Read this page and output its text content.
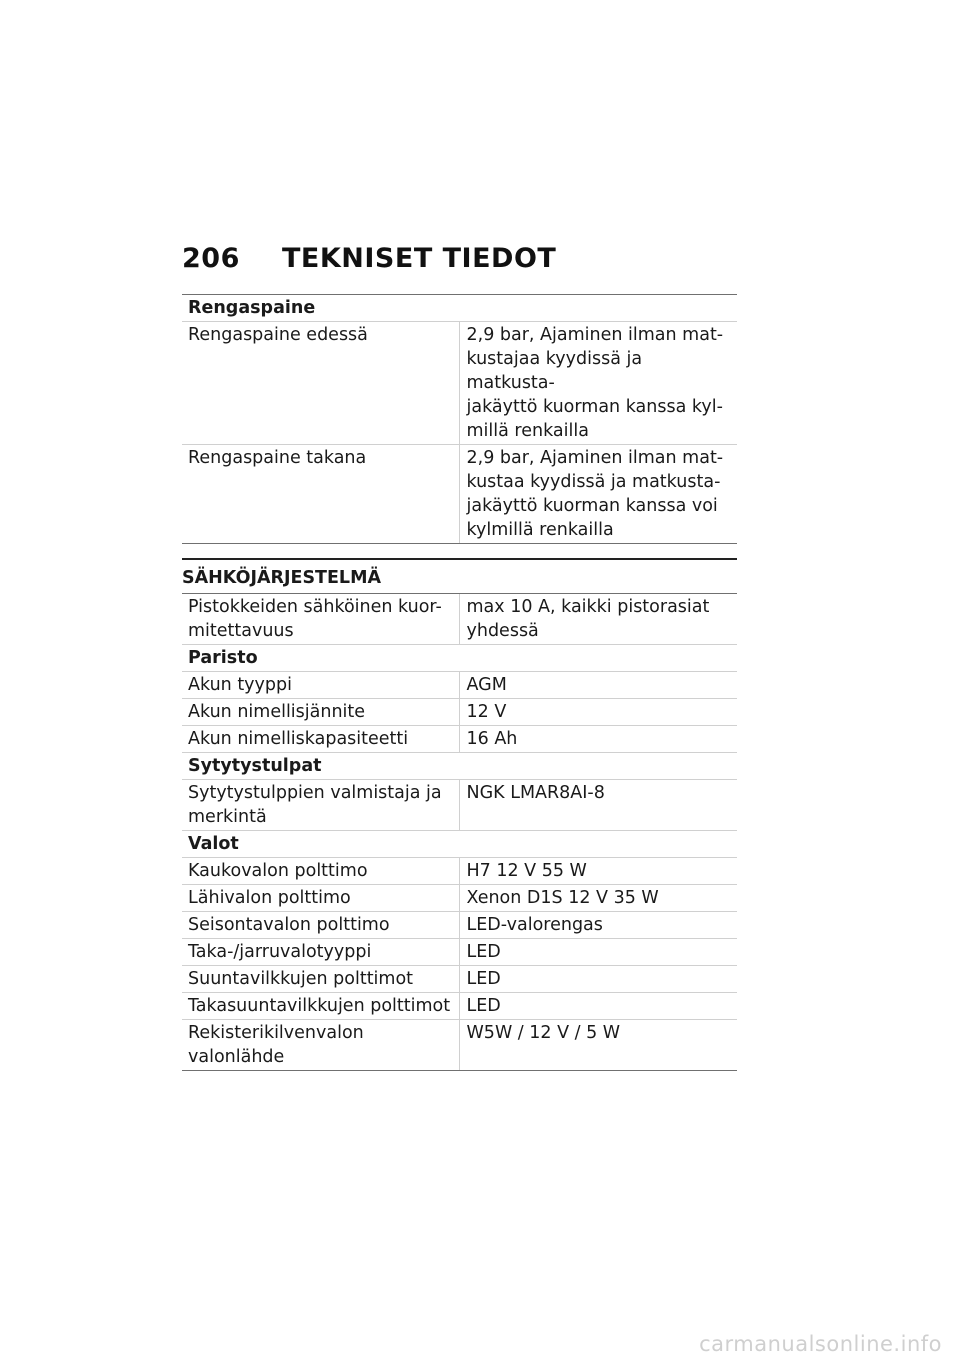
206 TEKNISET TIEDOT
Rengaspaine	
Rengaspaine edessä	2,9 bar, Ajaminen ilman mat-
kustajaa kyydissä ja matkusta-
jakäyttö kuorman kanssa kyl-
millä renkailla
Rengaspaine takana	2,9 bar, Ajaminen ilman mat-
kustaa kyydissä ja matkusta-
jakäyttö kuorman kanssa voi
kylmillä renkailla
SÄHKÖJÄRJESTELMÄ
Pistokkeiden sähköinen kuor-
mitettavuus	max 10 A, kaikki pistorasiat
yhdessä
Paristo	
Akun tyyppi	AGM
Akun nimellisjännite	12 V
Akun nimelliskapasiteetti	16 Ah
Sytytystulpat	
Sytytystulppien valmistaja ja
merkintä	NGK LMAR8AI-8
Valot	
Kaukovalon polttimo	H7 12 V 55 W
Lähivalon polttimo	Xenon D1S 12 V 35 W
Seisontavalon polttimo	LED-valorengas
Taka-/jarruvalotyyppi	LED
Suuntavilkkujen polttimot	LED
Takasuuntavilkkujen polttimot	LED
Rekisterikilvenvalon valonlähde	W5W / 12 V / 5 W
carmanualsonline.info
